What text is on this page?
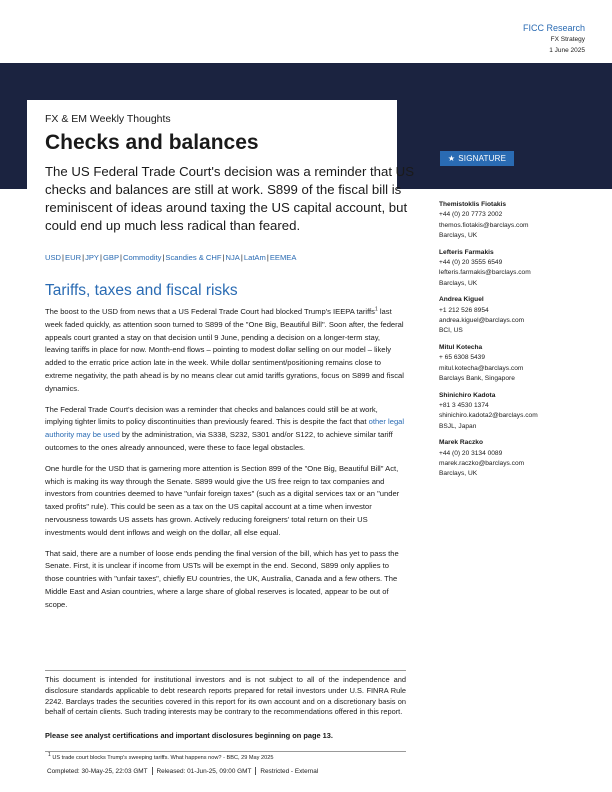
FICC Research
FX Strategy
1 June 2025
FX & EM Weekly Thoughts
Checks and balances

The US Federal Trade Court's decision was a reminder that US checks and balances are still at work. S899 of the fiscal bill is reminiscent of ideas around taxing the US capital account, but could end up much less radical than feared.

USD|EUR|JPY|GBP|Commodity|Scandies & CHF|NJA|LatAm|EEMEA
Tariffs, taxes and fiscal risks

The boost to the USD from news that a US Federal Trade Court had blocked Trump's IEEPA tariffs$^1$ last week faded quickly, as attention soon turned to S899 of the "One Big, Beautiful Bill". Soon after, the federal appeals court granted a stay on that decision until 9 June, pending a decision on a longer-term stay, leaving tariffs in place for now. Month-end flows – pointing to modest dollar selling on our model – likely added to the erratic price action late in the week. While dollar sentiment/positioning remains close to extreme negativity, the path ahead is by no means clear cut amid tariffs gyrations, focus on S899 and fiscal dynamics.

The Federal Trade Court's decision was a reminder that checks and balances could still be at work, implying tighter limits to policy discontinuities than previously feared. This is despite the fact that other legal authority may be used by the administration, via S338, S232, S301 and/or S122, to achieve similar tariff outcomes to the ones already announced, were these to face legal obstacles.

One hurdle for the USD that is garnering more attention is Section 899 of the "One Big, Beautiful Bill" Act, which is making its way through the Senate. S899 would give the US free reign to tax companies and investors from countries deemed to have "unfair foreign taxes" (such as a digital services tax or an "under taxed profits" rule). This could be seen as a tax on the US capital account at a time when investor nervousness towards US assets has grown. Actively reducing foreigners' total return on their US investments would dent inflows and weigh on the dollar, all else equal.

That said, there are a number of loose ends pending the final version of the bill, which has yet to pass the Senate. First, it is unclear if income from USTs will be exempt in the end. Second, S899 only applies to those countries with "unfair taxes", chiefly EU countries, the UK, Australia, Canada and a few others. The Middle East and Asian countries, where a large share of global reserves is located, appear to be out of scope.

★ SIGNATURE
Themistoklis Fiotakis
+44 (0) 20 7773 2002
themos.fiotakis@barclays.com
Barclays, UK
Lefteris Farmakis
+44 (0) 20 3555 6549
lefteris.farmakis@barclays.com
Barclays, UK
Andrea Kiguel
+1 212 526 8954
andrea.kiguel@barclays.com
BCI, US
Mitul Kotecha
+ 65 6308 5439
mitul.kotecha@barclays.com
Barclays Bank, Singapore
Shinichiro Kadota
+81 3 4530 1374
shinichiro.kadota2@barclays.com
BSJL, Japan
Marek Raczko
+44 (0) 20 3134 0089
marek.raczko@barclays.com
Barclays, UK

This document is intended for institutional investors and is not subject to all of the independence and disclosure standards applicable to debt research reports prepared for retail investors under U.S. FINRA Rule 2242. Barclays trades the securities covered in this report for its own account and on a discretionary basis on behalf of certain clients. Such trading interests may be contrary to the recommendations offered in this report.

Please see analyst certifications and important disclosures beginning on page 13.

$^1$ US trade court blocks Trump's sweeping tariffs. What happens now? - BBC, 29 May 2025
Completed: 30-May-25, 22:03 GMT Released: 01-Jun-25, 09:00 GMT Restricted - External
